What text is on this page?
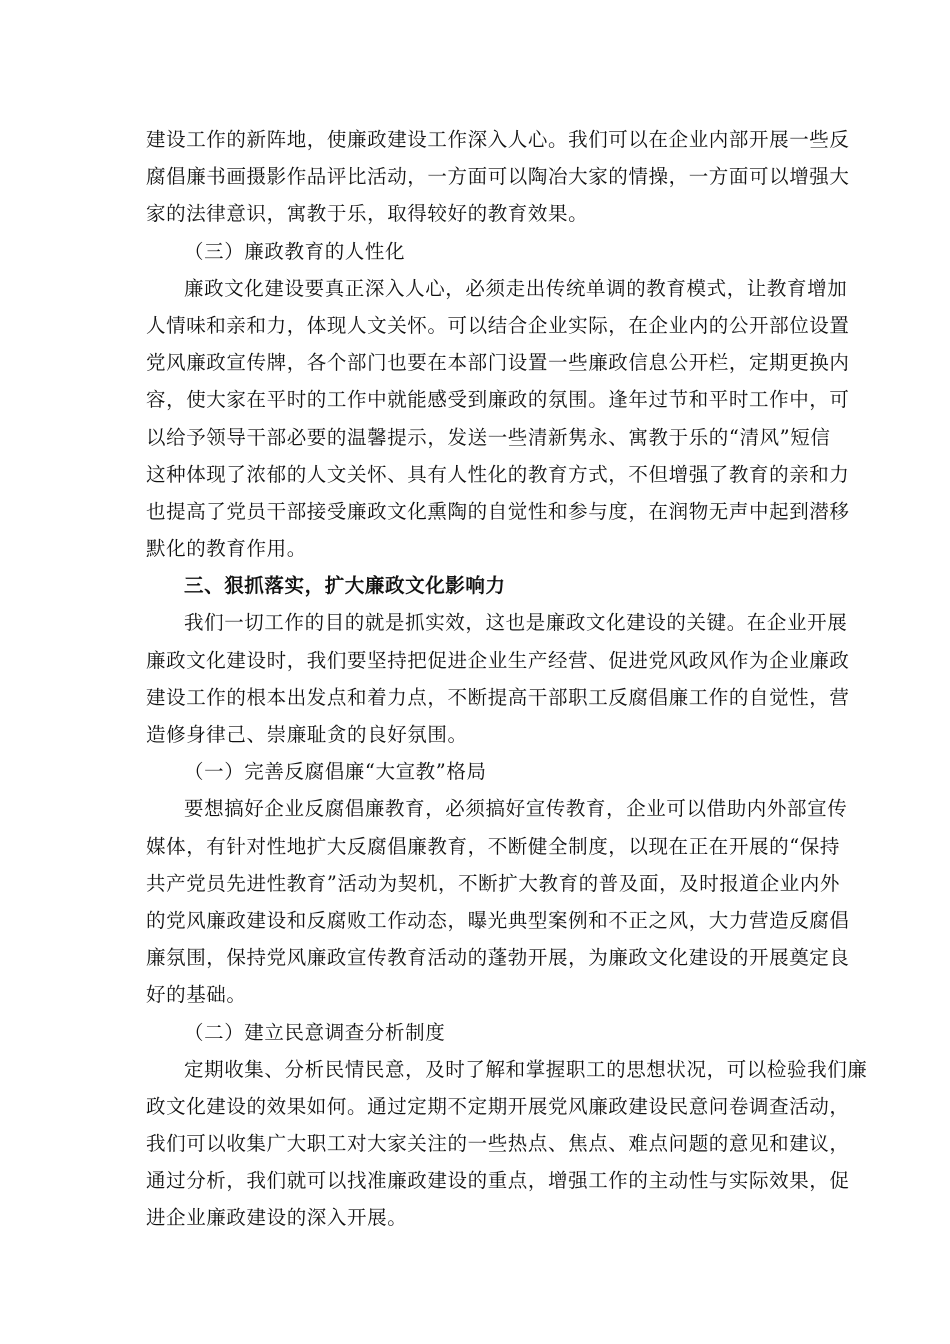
建设工作的新阵地，使廉政建设工作深入人心。我们可以在企业内部开展一些反
腐倡廉书画摄影作品评比活动，一方面可以陶冶大家的情操，一方面可以增强大
家的法律意识，寓教于乐，取得较好的教育效果。
（三）廉政教育的人性化
廉政文化建设要真正深入人心，必须走出传统单调的教育模式，让教育增加
人情味和亲和力，体现人文关怀。可以结合企业实际，在企业内的公开部位设置
党风廉政宣传牌，各个部门也要在本部门设置一些廉政信息公开栏，定期更换内
容，使大家在平时的工作中就能感受到廉政的氛围。逢年过节和平时工作中，可
以给予领导干部必要的温馨提示，发送一些清新隽永、寓教于乐的“清风”短信
这种体现了浓郁的人文关怀、具有人性化的教育方式，不但增强了教育的亲和力
也提高了党员干部接受廉政文化熏陶的自觉性和参与度，在润物无声中起到潜移
默化的教育作用。
三、狠抓落实，扩大廉政文化影响力
我们一切工作的目的就是抓实效，这也是廉政文化建设的关键。在企业开展
廉政文化建设时，我们要坚持把促进企业生产经营、促进党风政风作为企业廉政
建设工作的根本出发点和着力点，不断提高干部职工反腐倡廉工作的自觉性，营
造修身律己、崇廉耻贪的良好氛围。
（一）完善反腐倡廉“大宣教”格局
要想搞好企业反腐倡廉教育，必须搞好宣传教育，企业可以借助内外部宣传
媒体，有针对性地扩大反腐倡廉教育，不断健全制度，以现在正在开展的“保持
共产党员先进性教育”活动为契机，不断扩大教育的普及面，及时报道企业内外
的党风廉政建设和反腐败工作动态，曝光典型案例和不正之风，大力营造反腐倡
廉氛围，保持党风廉政宣传教育活动的蓬勃开展，为廉政文化建设的开展奠定良
好的基础。
（二）建立民意调查分析制度
定期收集、分析民情民意，及时了解和掌握职工的思想状况，可以检验我们廉
政文化建设的效果如何。通过定期不定期开展党风廉政建设民意问卷调查活动，
我们可以收集广大职工对大家关注的一些热点、焦点、难点问题的意见和建议，
通过分析，我们就可以找准廉政建设的重点，增强工作的主动性与实际效果，促
进企业廉政建设的深入开展。
